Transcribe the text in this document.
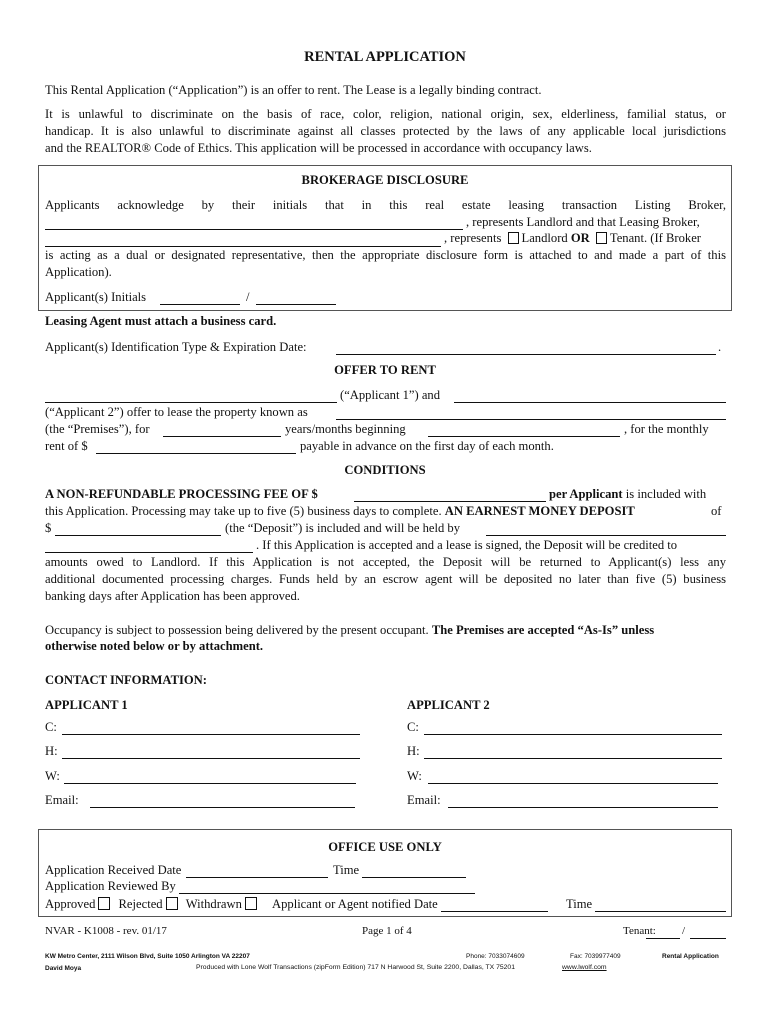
RENTAL APPLICATION
This Rental Application (“Application”) is an offer to rent. The Lease is a legally binding contract.
It is unlawful to discriminate on the basis of race, color, religion, national origin, sex, elderliness, familial status, or
handicap. It is also unlawful to discriminate against all classes protected by the laws of any applicable local jurisdictions
and the REALTOR® Code of Ethics. This application will be processed in accordance with occupancy laws.
BROKERAGE DISCLOSURE
Applicants acknowledge by their initials that in this real estate leasing transaction Listing Broker,
, represents Landlord and that Leasing Broker,
, represents Landlord OR Tenant. (If Broker
is acting as a dual or designated representative, then the appropriate disclosure form is attached to and made a part of this
Application).
Applicant(s) Initials	/
Leasing Agent must attach a business card.
Applicant(s) Identification Type & Expiration Date:	.
OFFER TO RENT
(“Applicant 1”) and
(“Applicant 2”) offer to lease the property known as
(the “Premises”), for	years/months beginning	, for the monthly
rent of $	payable in advance on the first day of each month.
CONDITIONS
A NON-REFUNDABLE PROCESSING FEE OF $	per Applicant is included with
this Application. Processing may take up to five (5) business days to complete. AN EARNEST MONEY DEPOSIT	of
$	(the “Deposit”) is included and will be held by
. If this Application is accepted and a lease is signed, the Deposit will be credited to
amounts owed to Landlord. If this Application is not accepted, the Deposit will be returned to Applicant(s) less any
additional documented processing charges. Funds held by an escrow agent will be deposited no later than five (5) business
banking days after Application has been approved.
Occupancy is subject to possession being delivered by the present occupant. The Premises are accepted “As-Is” unless
otherwise noted below or by attachment.
CONTACT INFORMATION:
APPLICANT 1	APPLICANT 2
C:	C:
H:	H:
W:	W:
Email:	Email:
OFFICE USE ONLY
Application Received Date	Time
Application Reviewed By
Approved Rejected Withdrawn	Applicant or Agent notified Date	Time
NVAR - K1008 - rev. 01/17	Page 1 of 4	Tenant: /
KW Metro Center, 2111 Wilson Blvd, Suite 1050 Arlington VA 22207	Phone: 7033074609	Fax: 7039977409	Rental Application
David Moya	Produced with Lone Wolf Transactions (zipForm Edition) 717 N Harwood St, Suite 2200, Dallas, TX 75201	www.lwolf.com
